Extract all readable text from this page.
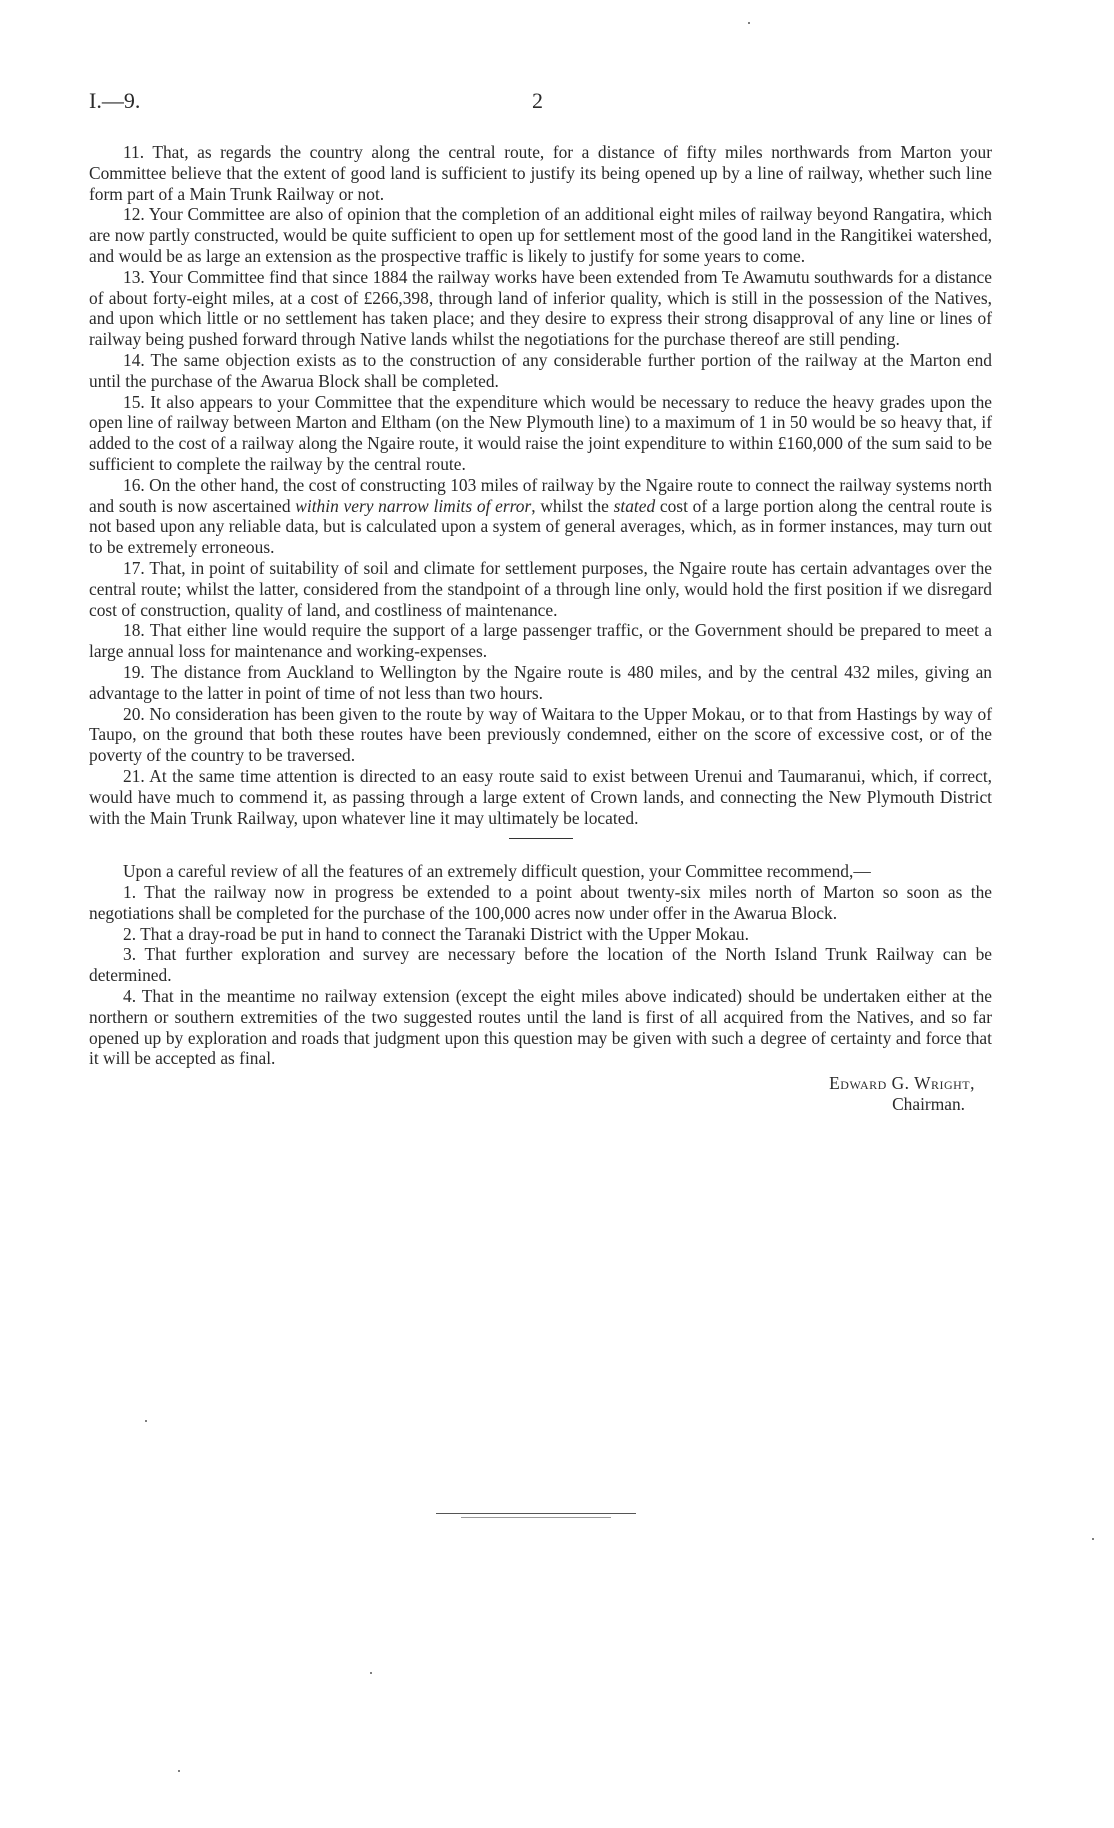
I.—9.	2

11. That, as regards the country along the central route, for a distance of fifty miles northwards from Marton your Committee believe that the extent of good land is sufficient to justify its being opened up by a line of railway, whether such line form part of a Main Trunk Railway or not.

12. Your Committee are also of opinion that the completion of an additional eight miles of railway beyond Rangatira, which are now partly constructed, would be quite sufficient to open up for settlement most of the good land in the Rangitikei watershed, and would be as large an extension as the prospective traffic is likely to justify for some years to come.

13. Your Committee find that since 1884 the railway works have been extended from Te Awamutu southwards for a distance of about forty-eight miles, at a cost of £266,398, through land of inferior quality, which is still in the possession of the Natives, and upon which little or no settlement has taken place; and they desire to express their strong disapproval of any line or lines of railway being pushed forward through Native lands whilst the negotiations for the purchase thereof are still pending.

14. The same objection exists as to the construction of any considerable further portion of the railway at the Marton end until the purchase of the Awarua Block shall be completed.

15. It also appears to your Committee that the expenditure which would be necessary to reduce the heavy grades upon the open line of railway between Marton and Eltham (on the New Plymouth line) to a maximum of 1 in 50 would be so heavy that, if added to the cost of a railway along the Ngaire route, it would raise the joint expenditure to within £160,000 of the sum said to be sufficient to complete the railway by the central route.

16. On the other hand, the cost of constructing 103 miles of railway by the Ngaire route to connect the railway systems north and south is now ascertained within very narrow limits of error, whilst the stated cost of a large portion along the central route is not based upon any reliable data, but is calculated upon a system of general averages, which, as in former instances, may turn out to be extremely erroneous.

17. That, in point of suitability of soil and climate for settlement purposes, the Ngaire route has certain advantages over the central route; whilst the latter, considered from the standpoint of a through line only, would hold the first position if we disregard cost of construction, quality of land, and costliness of maintenance.

18. That either line would require the support of a large passenger traffic, or the Government should be prepared to meet a large annual loss for maintenance and working-expenses.

19. The distance from Auckland to Wellington by the Ngaire route is 480 miles, and by the central 432 miles, giving an advantage to the latter in point of time of not less than two hours.

20. No consideration has been given to the route by way of Waitara to the Upper Mokau, or to that from Hastings by way of Taupo, on the ground that both these routes have been previously condemned, either on the score of excessive cost, or of the poverty of the country to be traversed.

21. At the same time attention is directed to an easy route said to exist between Urenui and Taumaranui, which, if correct, would have much to commend it, as passing through a large extent of Crown lands, and connecting the New Plymouth District with the Main Trunk Railway, upon whatever line it may ultimately be located.

Upon a careful review of all the features of an extremely difficult question, your Committee recommend,—

1. That the railway now in progress be extended to a point about twenty-six miles north of Marton so soon as the negotiations shall be completed for the purchase of the 100,000 acres now under offer in the Awarua Block.

2. That a dray-road be put in hand to connect the Taranaki District with the Upper Mokau.

3. That further exploration and survey are necessary before the location of the North Island Trunk Railway can be determined.

4. That in the meantime no railway extension (except the eight miles above indicated) should be undertaken either at the northern or southern extremities of the two suggested routes until the land is first of all acquired from the Natives, and so far opened up by exploration and roads that judgment upon this question may be given with such a degree of certainty and force that it will be accepted as final.

Edward G. Wright,
Chairman.
